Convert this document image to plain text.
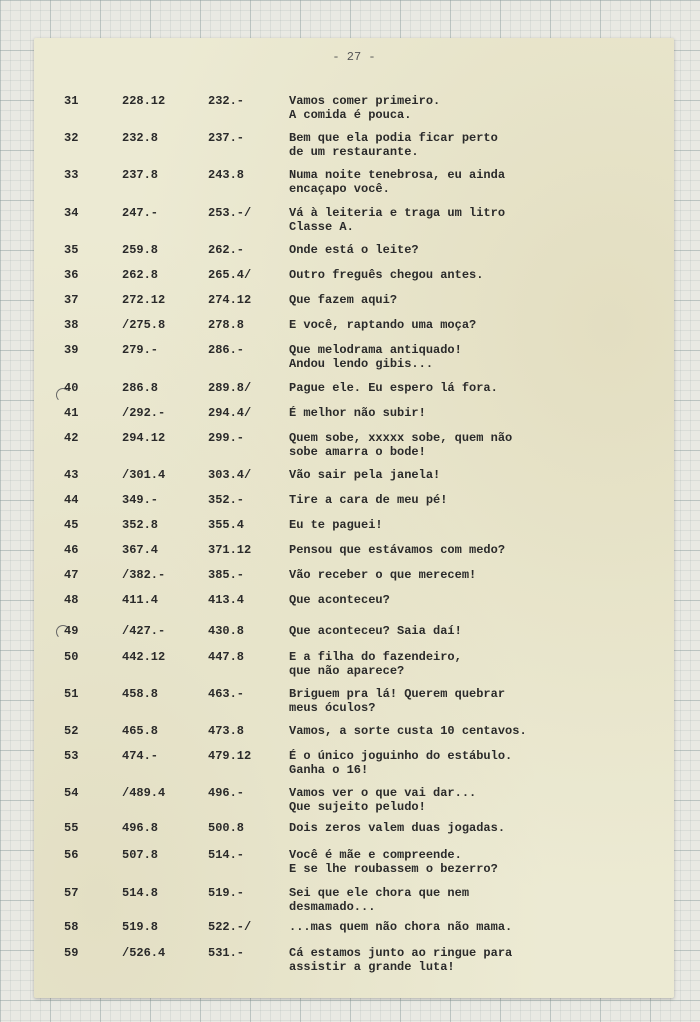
- 27 -
31	228.12	232.-	Vamos comer primeiro.
A comida é pouca.
32	232.8	237.-	Bem que ela podia ficar perto
de um restaurante.
33	237.8	243.8	Numa noite tenebrosa, eu ainda
encaçapo você.
34	247.-	253.-/	Vá à leiteria e traga um litro
Classe A.
35	259.8	262.-	Onde está o leite?
36	262.8	265.4/	Outro freguês chegou antes.
37	272.12	274.12	Que fazem aqui?
38	/275.8	278.8	E você, raptando uma moça?
39	279.-	286.-	Que melodrama antiquado!
Andou lendo gibis...
40	286.8	289.8/	Pague ele. Eu espero lá fora.
41	/292.-	294.4/	É melhor não subir!
42	294.12	299.-	Quem sobe, xxxxx sobe, quem não
sobe amarra o bode!
43	/301.4	303.4/	Vão sair pela janela!
44	349.-	352.-	Tire a cara de meu pé!
45	352.8	355.4	Eu te paguei!
46	367.4	371.12	Pensou que estávamos com medo?
47	/382.-	385.-	Vão receber o que merecem!
48	411.4	413.4	Que aconteceu?
49	/427.-	430.8	Que aconteceu? Saia daí!
50	442.12	447.8	E a filha do fazendeiro,
que não aparece?
51	458.8	463.-	Briguem pra lá! Querem quebrar
meus óculos?
52	465.8	473.8	Vamos, a sorte custa 10 centavos.
53	474.-	479.12	É o único joguinho do estábulo.
Ganha o 16!
54	/489.4	496.-	Vamos ver o que vai dar...
Que sujeito peludo!
55	496.8	500.8	Dois zeros valem duas jogadas.
56	507.8	514.-	Você é mãe e compreende.
E se lhe roubassem o bezerro?
57	514.8	519.-	Sei que ele chora que nem
desmamado...
58	519.8	522.-/	...mas quem não chora não mama.
59	/526.4	531.-	Cá estamos junto ao ringue para
assistir a grande luta!
